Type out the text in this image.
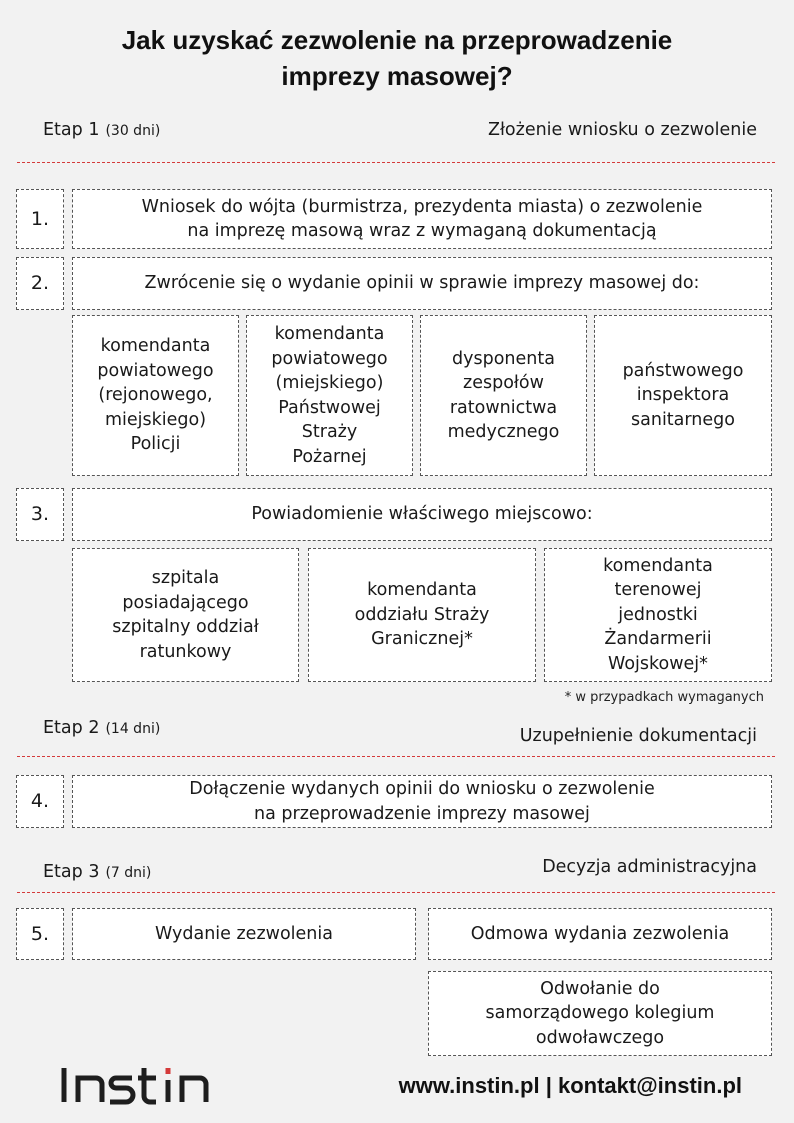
Jak uzyskać zezwolenie na przeprowadzenie
imprezy masowej?
Etap 1 (30 dni)	Złożenie wniosku o zezwolenie
1.
Wniosek do wójta (burmistrza, prezydenta miasta) o zezwolenie
na imprezę masową wraz z wymaganą dokumentacją
2.	Zwrócenie się o wydanie opinii w sprawie imprezy masowej do:
komendanta
powiatowego
(rejonowego,
miejskiego)
Policji
komendanta
powiatowego
(miejskiego)
Państwowej
Straży
Pożarnej
dysponenta
zespołów
ratownictwa
medycznego
państwowego
inspektora
sanitarnego
3.	Powiadomienie właściwego miejscowo:
szpitala
posiadającego
szpitalny oddział
ratunkowy
komendanta
oddziału Straży
Granicznej*
komendanta
terenowej
jednostki
Żandarmerii
Wojskowej*
* w przypadkach wymaganych
Etap 2 (14 dni)	Uzupełnienie dokumentacji
4.
Dołączenie wydanych opinii do wniosku o zezwolenie
na przeprowadzenie imprezy masowej
Etap 3 (7 dni)	Decyzja administracyjna
5.	Wydanie zezwolenia	Odmowa wydania zezwolenia
Odwołanie do
samorządowego kolegium
odwoławczego
www.instin.pl | kontakt@instin.pl
